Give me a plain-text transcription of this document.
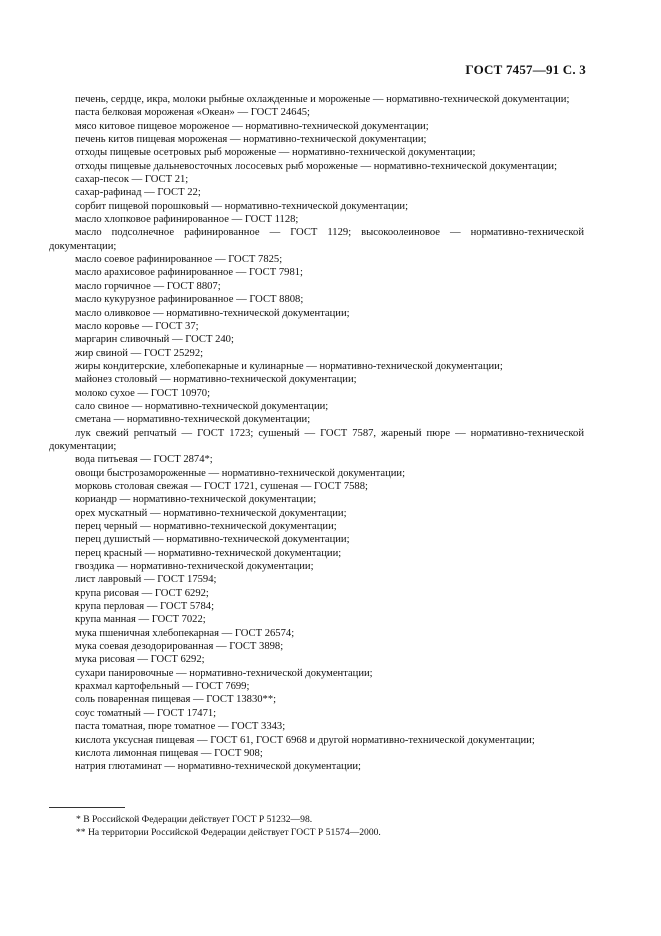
ГОСТ 7457—91 С. 3

печень, сердце, икра, молоки рыбные охлажденные и мороженые — нормативно-технической документации;

паста белковая мороженая «Океан» — ГОСТ 24645;

мясо китовое пищевое мороженое — нормативно-технической документации;

печень китов пищевая мороженая — нормативно-технической документации;

отходы пищевые осетровых рыб мороженые — нормативно-технической документации;

отходы пищевые дальневосточных лососевых рыб мороженые — нормативно-технической документации;

сахар-песок — ГОСТ 21;

сахар-рафинад — ГОСТ 22;

сорбит пищевой порошковый — нормативно-технической документации;

масло хлопковое рафинированное — ГОСТ 1128;

масло подсолнечное рафинированное — ГОСТ 1129; высокоолеиновое — нормативно-технической документации;

масло соевое рафинированное — ГОСТ 7825;

масло арахисовое рафинированное — ГОСТ 7981;

масло горчичное — ГОСТ 8807;

масло кукурузное рафинированное — ГОСТ 8808;

масло оливковое — нормативно-технической документации;

масло коровье — ГОСТ 37;

маргарин сливочный — ГОСТ 240;

жир свиной — ГОСТ 25292;

жиры кондитерские, хлебопекарные и кулинарные — нормативно-технической документации;

майонез столовый — нормативно-технической документации;

молоко сухое — ГОСТ 10970;

сало свиное — нормативно-технической документации;

сметана — нормативно-технической документации;

лук свежий репчатый — ГОСТ 1723; сушеный — ГОСТ 7587, жареный пюре — нормативно-технической документации;

вода питьевая — ГОСТ 2874*;

овощи быстрозамороженные — нормативно-технической документации;

морковь столовая свежая — ГОСТ 1721, сушеная — ГОСТ 7588;

кориандр — нормативно-технической документации;

орех мускатный — нормативно-технической документации;

перец черный — нормативно-технической документации;

перец душистый — нормативно-технической документации;

перец красный — нормативно-технической документации;

гвоздика — нормативно-технической документации;

лист лавровый — ГОСТ 17594;

крупа рисовая — ГОСТ 6292;

крупа перловая — ГОСТ 5784;

крупа манная — ГОСТ 7022;

мука пшеничная хлебопекарная — ГОСТ 26574;

мука соевая дезодорированная — ГОСТ 3898;

мука рисовая — ГОСТ 6292;

сухари панировочные — нормативно-технической документации;

крахмал картофельный — ГОСТ 7699;

соль поваренная пищевая — ГОСТ 13830**;

соус томатный — ГОСТ 17471;

паста томатная, пюре томатное — ГОСТ 3343;

кислота уксусная пищевая — ГОСТ 61, ГОСТ 6968 и другой нормативно-технической документации;

кислота лимонная пищевая — ГОСТ 908;

натрия глютаминат — нормативно-технической документации;

* В Российской Федерации действует ГОСТ Р 51232—98.

** На территории Российской Федерации действует ГОСТ Р 51574—2000.
